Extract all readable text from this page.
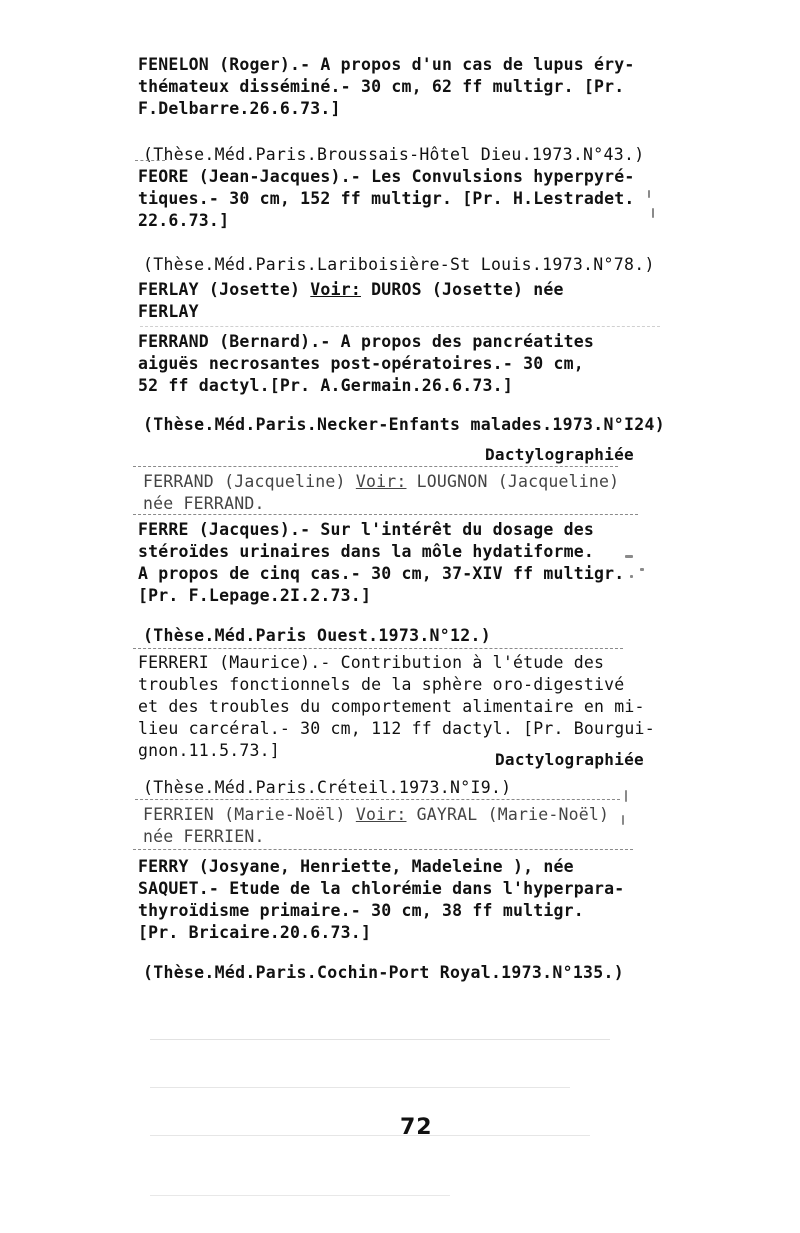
FENELON (Roger).- A propos d'un cas de lupus éry-
thémateux disséminé.- 30 cm, 62 ff multigr. [Pr.
F.Delbarre.26.6.73.]
(Thèse.Méd.Paris.Broussais-Hôtel Dieu.1973.N°43.)
FEORE (Jean-Jacques).- Les Convulsions hyperpyré-
tiques.- 30 cm, 152 ff multigr. [Pr. H.Lestradet.
22.6.73.]
(Thèse.Méd.Paris.Lariboisière-St Louis.1973.N°78.)
FERLAY (Josette) Voir: DUROS (Josette) née
FERLAY
FERRAND (Bernard).- A propos des pancréatites
aiguës necrosantes post-opératoires.- 30 cm,
52 ff dactyl.[Pr. A.Germain.26.6.73.]
(Thèse.Méd.Paris.Necker-Enfants malades.1973.N°I24)
Dactylographiée
FERRAND (Jacqueline) Voir: LOUGNON (Jacqueline)
née FERRAND.
FERRE (Jacques).- Sur l'intérêt du dosage des
stéroïdes urinaires dans la môle hydatiforme.
A propos de cinq cas.- 30 cm, 37-XIV ff multigr.
[Pr. F.Lepage.2I.2.73.]
(Thèse.Méd.Paris Ouest.1973.N°12.)
FERRERI (Maurice).- Contribution à l'étude des
troubles fonctionnels de la sphère oro-digestivé
et des troubles du comportement alimentaire en mi-
lieu carcéral.- 30 cm, 112 ff dactyl. [Pr. Bourgui-
gnon.11.5.73.]	Dactylographiée
(Thèse.Méd.Paris.Créteil.1973.N°I9.)
FERRIEN (Marie-Noël) Voir: GAYRAL (Marie-Noël)
née FERRIEN.
FERRY (Josyane, Henriette, Madeleine ), née
SAQUET.- Etude de la chlorémie dans l'hyperpara-
thyroïdisme primaire.- 30 cm, 38 ff multigr.
[Pr. Bricaire.20.6.73.]
(Thèse.Méd.Paris.Cochin-Port Royal.1973.N°135.)

72
